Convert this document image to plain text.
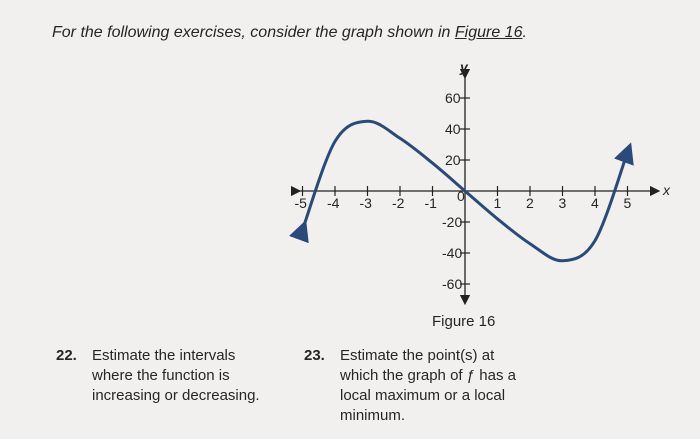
For the following exercises, consider the graph shown in Figure 16.

x
y
-5 -4 -3 -2 -1	1 2 3 4 5
0
60
40
20
-20
-40
-60

Figure 16

22. Estimate the intervals
where the function is
increasing or decreasing.
23. Estimate the point(s) at
which the graph of ƒ has a
local maximum or a local
minimum.
